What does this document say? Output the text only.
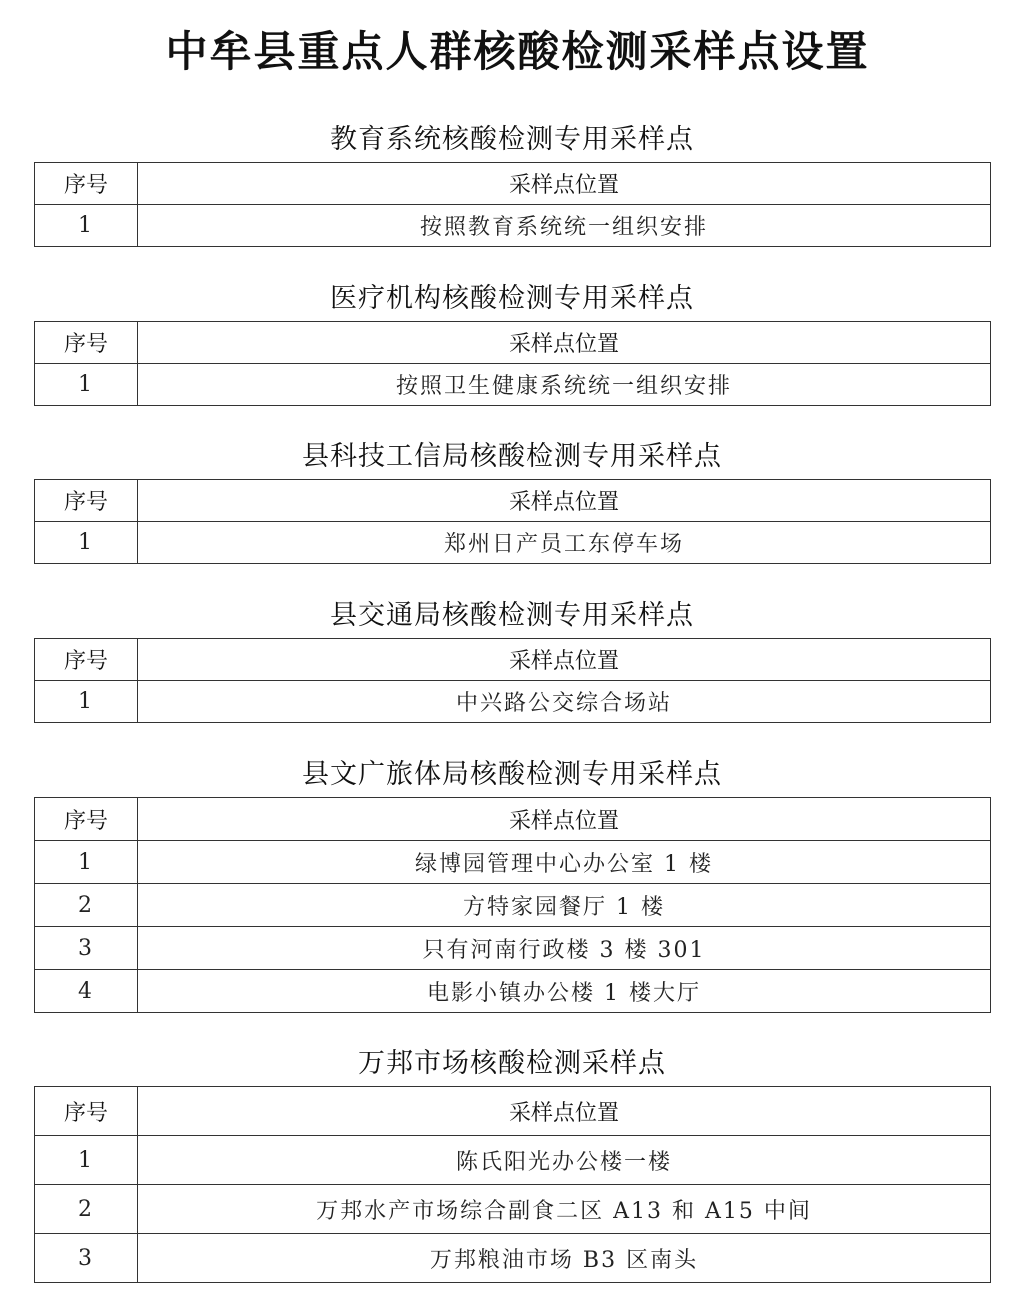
中牟县重点人群核酸检测采样点设置
教育系统核酸检测专用采样点
序号	采样点位置
1	按照教育系统统一组织安排
医疗机构核酸检测专用采样点
序号	采样点位置
1	按照卫生健康系统统一组织安排
县科技工信局核酸检测专用采样点
序号	采样点位置
1	郑州日产员工东停车场
县交通局核酸检测专用采样点
序号	采样点位置
1	中兴路公交综合场站
县文广旅体局核酸检测专用采样点
序号	采样点位置
1	绿博园管理中心办公室 1 楼
2	方特家园餐厅 1 楼
3	只有河南行政楼 3 楼 301
4	电影小镇办公楼 1 楼大厅
万邦市场核酸检测采样点
序号	采样点位置
1	陈氏阳光办公楼一楼
2	万邦水产市场综合副食二区 A13 和 A15 中间
3	万邦粮油市场 B3 区南头
